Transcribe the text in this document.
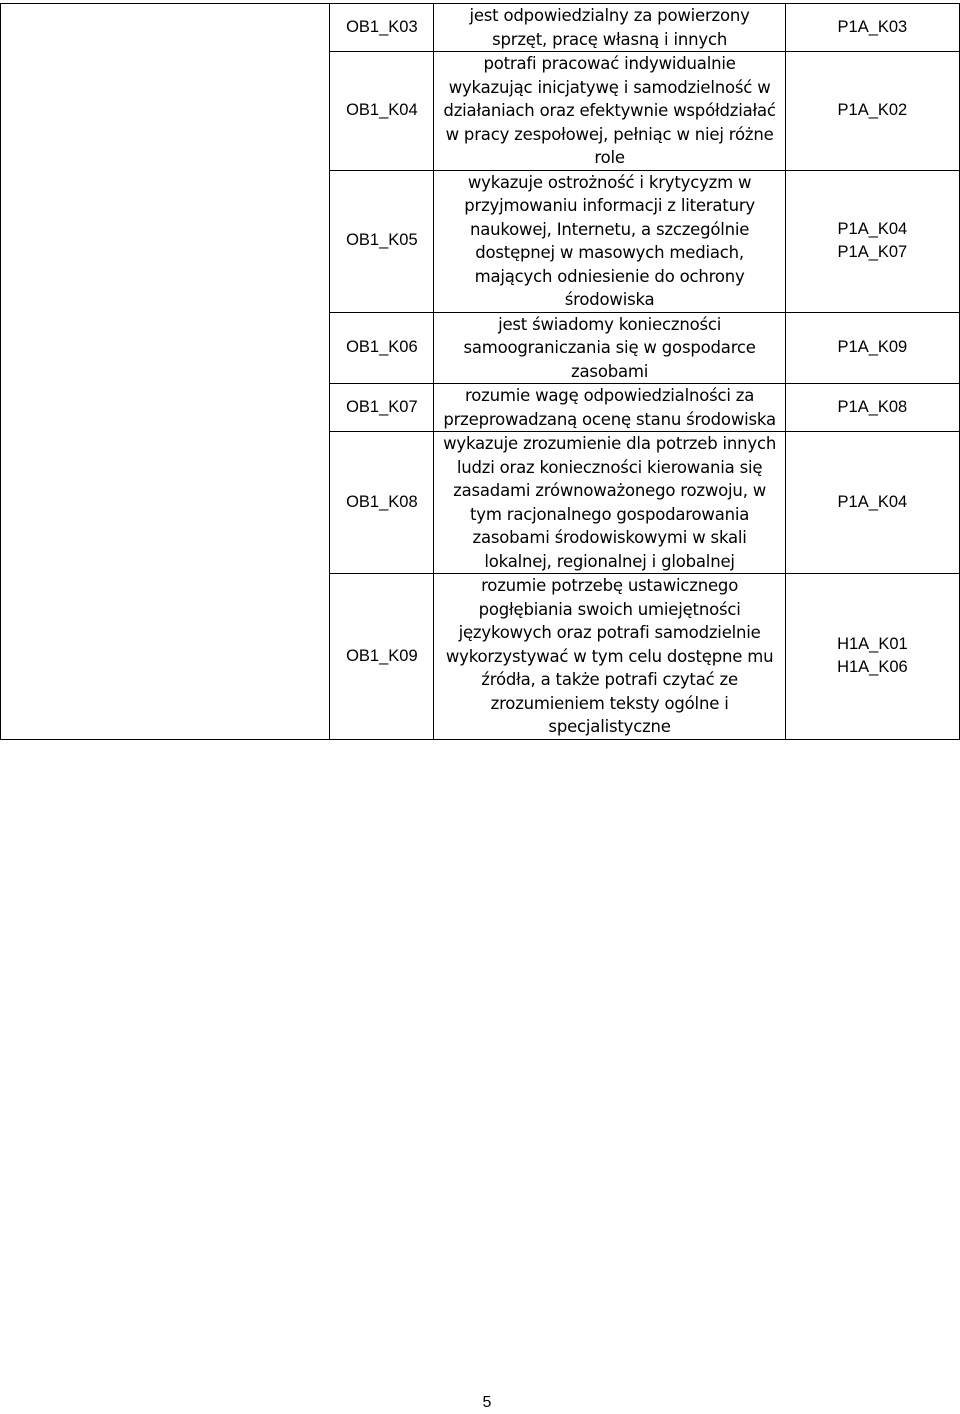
	OB1_K03	jest odpowiedzialny za powierzony sprzęt, pracę własną i innych	P1A_K03

	OB1_K04	potrafi pracować indywidualnie wykazując inicjatywę i samodzielność w działaniach oraz efektywnie współdziałać w pracy zespołowej, pełniąc w niej różne role	P1A_K02

	OB1_K05	wykazuje ostrożność i krytycyzm w przyjmowaniu informacji z literatury naukowej, Internetu, a szczególnie dostępnej w masowych mediach, mających odniesienie do ochrony środowiska	P1A_K04
P1A_K07

	OB1_K06	jest świadomy konieczności samoograniczania się w gospodarce zasobami	P1A_K09

	OB1_K07	rozumie wagę odpowiedzialności za przeprowadzaną ocenę stanu środowiska	P1A_K08

	OB1_K08	wykazuje zrozumienie dla potrzeb innych ludzi oraz konieczności kierowania się zasadami zrównoważonego rozwoju, w tym racjonalnego gospodarowania zasobami środowiskowymi w skali lokalnej, regionalnej i globalnej	P1A_K04

	OB1_K09	rozumie potrzebę ustawicznego pogłębiania swoich umiejętności językowych oraz potrafi samodzielnie wykorzystywać w tym celu dostępne mu źródła, a także potrafi czytać ze zrozumieniem teksty ogólne i specjalistyczne	H1A_K01
H1A_K06
5
